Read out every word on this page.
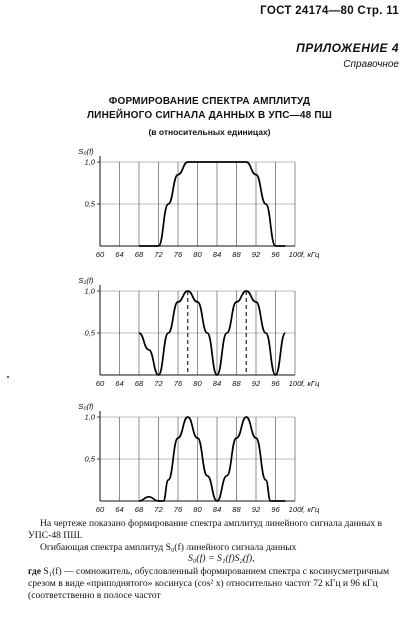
ГОСТ 24174—80 Стр. 11
ПРИЛОЖЕНИЕ 4
Справочное
ФОРМИРОВАНИЕ СПЕКТРА АМПЛИТУД
ЛИНЕЙНОГО СИГНАЛА ДАННЫХ В УПС—48 ПШ
(в относительных единицах)
0,5
1,0
S₀(f)
60 64 68 72 76 80 84 88 92 96 100 f, кГц
0,5
1,0
S₂(f)
60 64 68 72 76 80 84 88 92 96 100 f, кГц
0,5
1,0
S₀(f)
60 64 68 72 76 80 84 88 92 96 100 f, кГц
На чертеже показано формирование спектра амплитуд линейного сигнала данных в УПС-48 ПШ.
Огибающая спектра амплитуд S₀(f) линейного сигнала данных
S₀(f) = S₁(f)S₂(f),
где S₁(f) — сомножитель, обусловленный формированием спектра с косинусметричным срезом в виде «приподнятого» косинуса (cos² x) относительно частот 72 кГц и 96 кГц (соответственно в полосе частот
